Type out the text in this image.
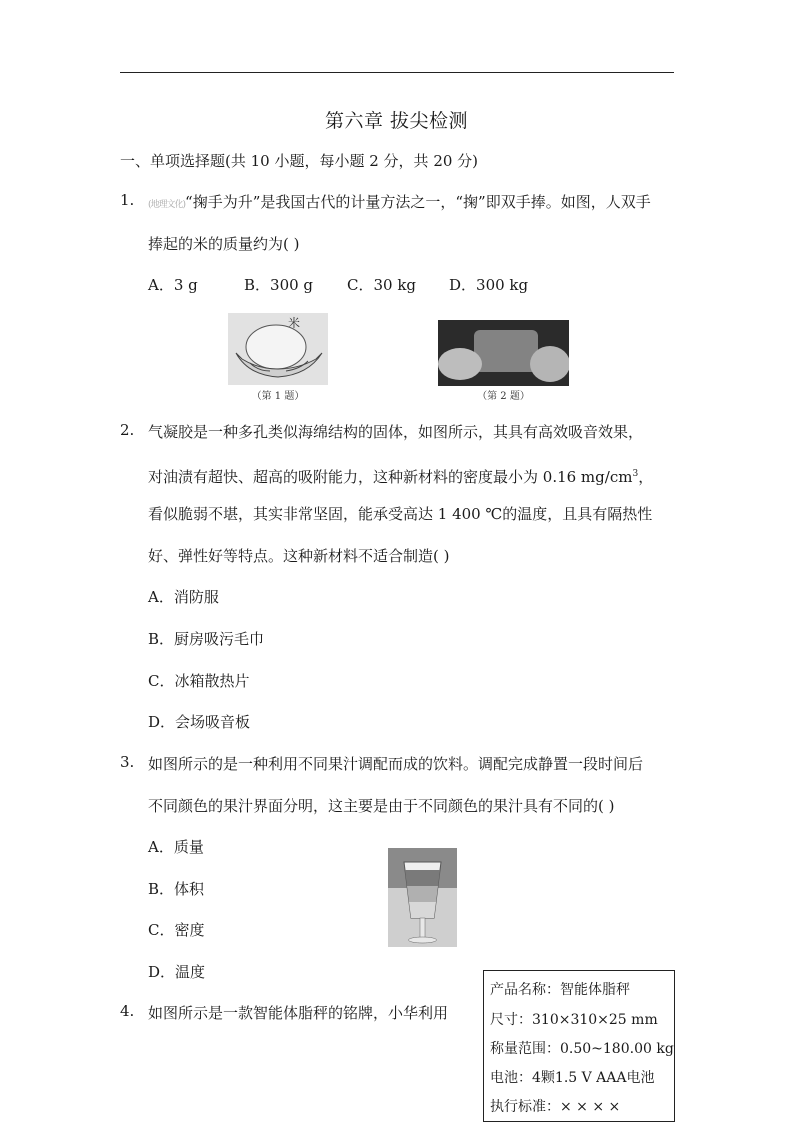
第六章 拔尖检测
一、单项选择题(共 10 小题，每小题 2 分，共 20 分)
1. (地理文化)“掬手为升”是我国古代的计量方法之一，“掬”即双手捧。如图，人双手
捧起的米的质量约为( )
A．3 g	B．300 g C．30 kg D．300 kg
米
（第 1 题）	（第 2 题）
2. 气凝胶是一种多孔类似海绵结构的固体，如图所示，其具有高效吸音效果，
对油渍有超快、超高的吸附能力，这种新材料的密度最小为 0.16 $mg/cm^3$，
看似脆弱不堪，其实非常坚固，能承受高达 1 400 ℃的温度，且具有隔热性
好、弹性好等特点。这种新材料不适合制造( )
A．消防服
B．厨房吸污毛巾
C．冰箱散热片
D．会场吸音板
3. 如图所示的是一种利用不同果汁调配而成的饮料。调配完成静置一段时间后
不同颜色的果汁界面分明，这主要是由于不同颜色的果汁具有不同的( )
A．质量
B．体积
C．密度
D．温度
4. 如图所示是一款智能体脂秤的铭牌，小华利用
产品名称：智能体脂秤
尺寸：310×310×25 mm
称量范围：0.50~180.00 kg
电池：4颗1.5 V AAA电池
执行标准：× × × ×
